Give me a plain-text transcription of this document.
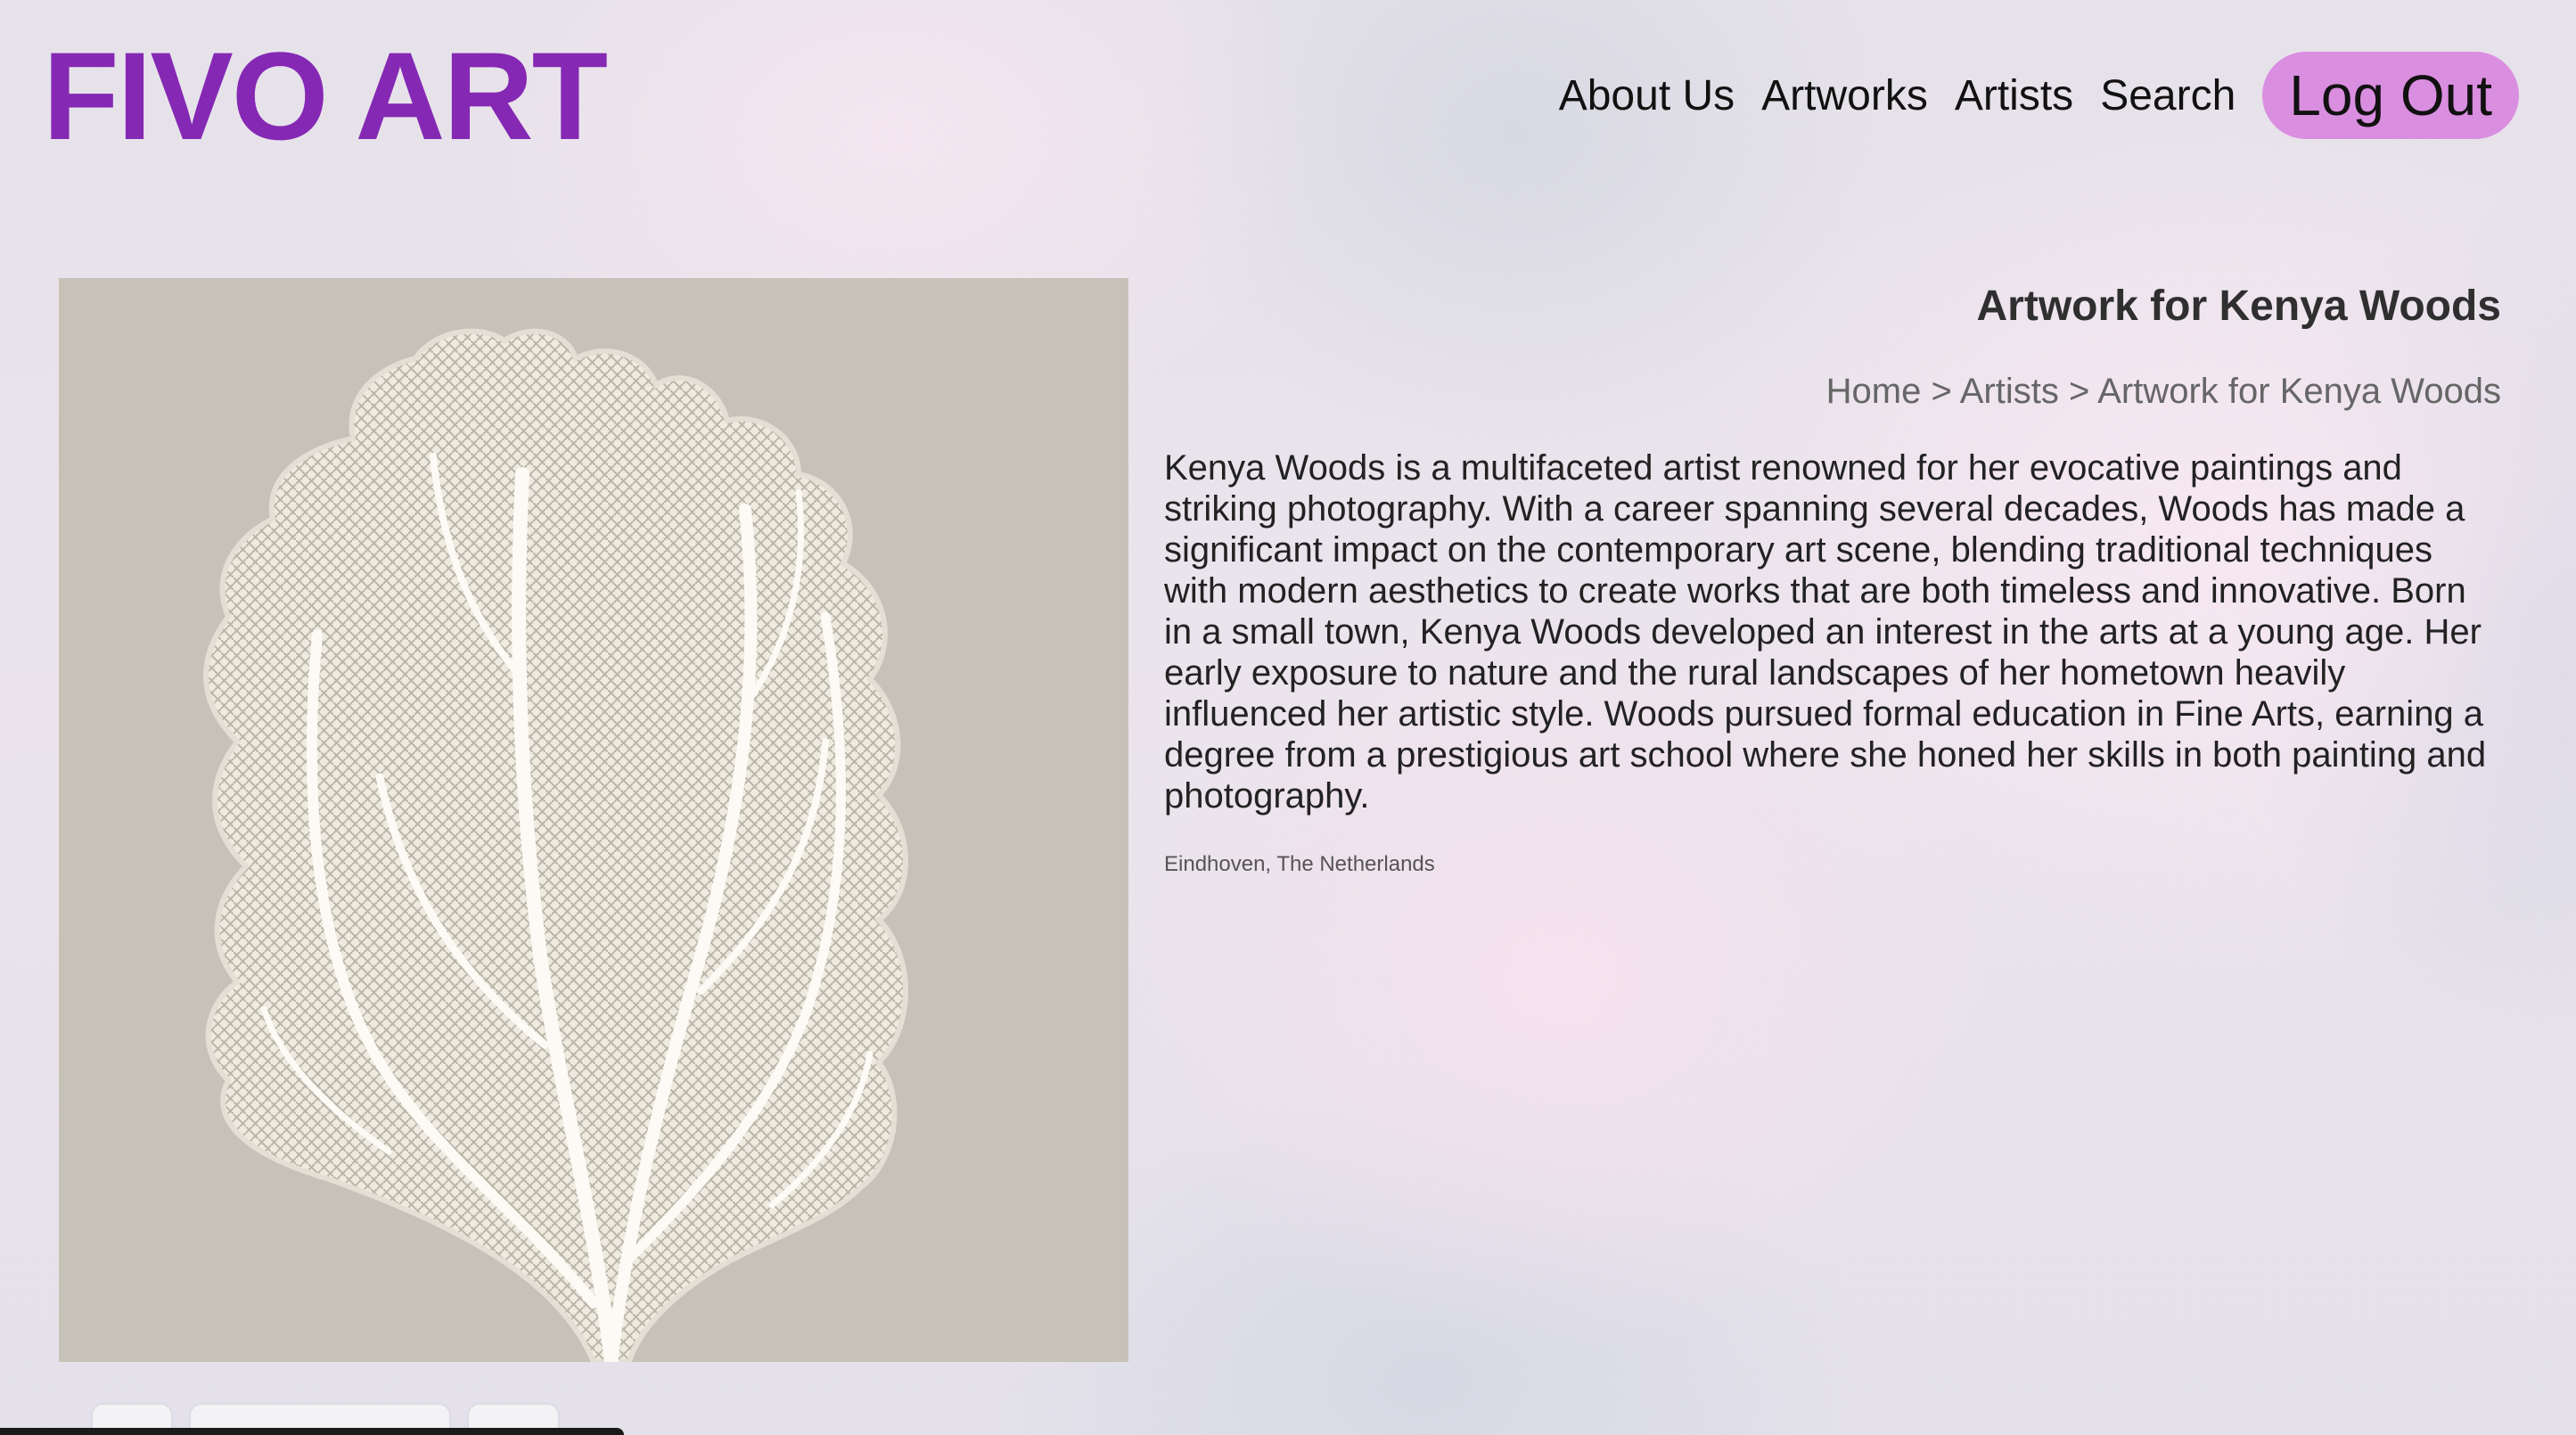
FIVO ART	About Us Artworks Artists Search Log Out
Artwork for Kenya Woods
Home > Artists > Artwork for Kenya Woods

Kenya Woods is a multifaceted artist renowned for her evocative paintings and striking photography. With a career spanning several decades, Woods has made a significant impact on the contemporary art scene, blending traditional techniques with modern aesthetics to create works that are both timeless and innovative. Born in a small town, Kenya Woods developed an interest in the arts at a young age. Her early exposure to nature and the rural landscapes of her hometown heavily influenced her artistic style. Woods pursued formal education in Fine Arts, earning a degree from a prestigious art school where she honed her skills in both painting and photography.

Eindhoven, The Netherlands
